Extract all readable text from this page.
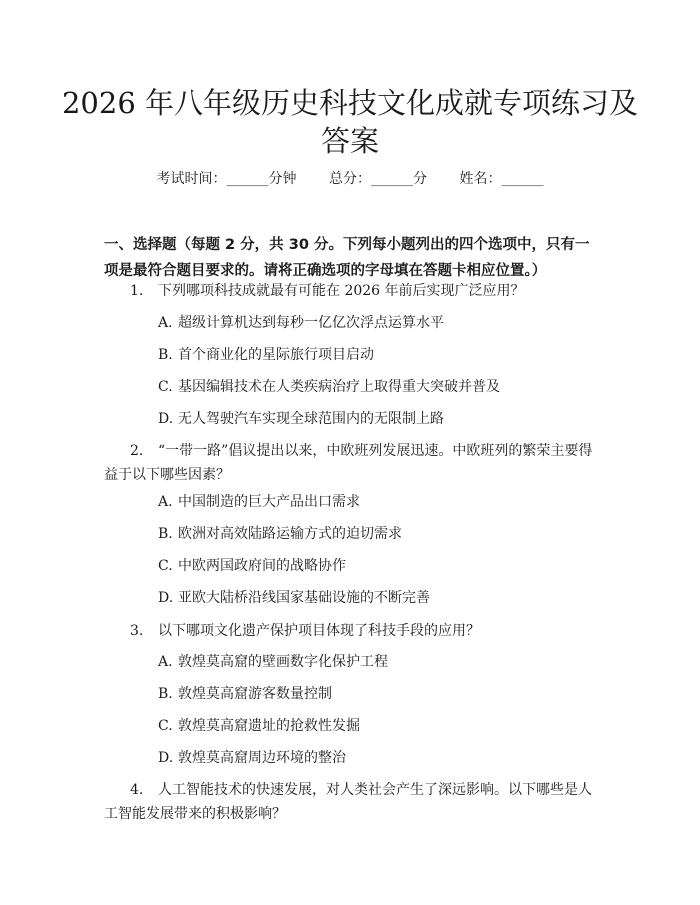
2026 年八年级历史科技文化成就专项练习及
答案
考试时间：______分钟 总分：______分 姓名：______
一、选择题（每题 2 分，共 30 分。下列每小题列出的四个选项中，只有一项是最符合题目要求的。请将正确选项的字母填在答题卡相应位置。）
1. 下列哪项科技成就最有可能在 2026 年前后实现广泛应用？
A. 超级计算机达到每秒一亿亿次浮点运算水平
B. 首个商业化的星际旅行项目启动
C. 基因编辑技术在人类疾病治疗上取得重大突破并普及
D. 无人驾驶汽车实现全球范围内的无限制上路
2. “一带一路”倡议提出以来，中欧班列发展迅速。中欧班列的繁荣主要得益于以下哪些因素？
A. 中国制造的巨大产品出口需求
B. 欧洲对高效陆路运输方式的迫切需求
C. 中欧两国政府间的战略协作
D. 亚欧大陆桥沿线国家基础设施的不断完善
3. 以下哪项文化遗产保护项目体现了科技手段的应用？
A. 敦煌莫高窟的壁画数字化保护工程
B. 敦煌莫高窟游客数量控制
C. 敦煌莫高窟遗址的抢救性发掘
D. 敦煌莫高窟周边环境的整治
4. 人工智能技术的快速发展，对人类社会产生了深远影响。以下哪些是人工智能发展带来的积极影响？
